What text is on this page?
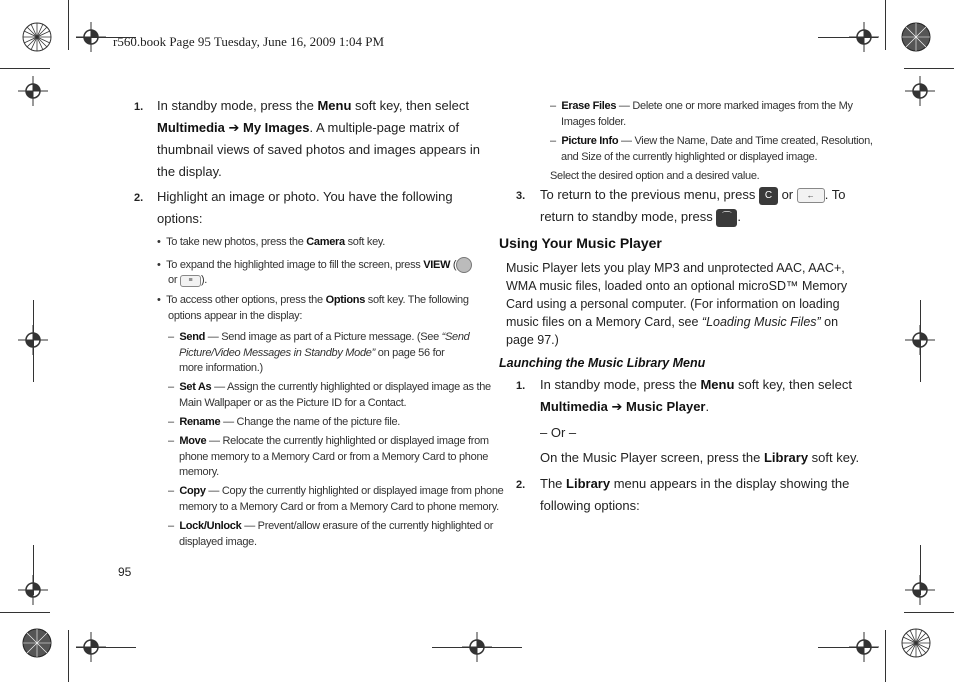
r560.book Page 95 Tuesday, June 16, 2009 1:04 PM
1. In standby mode, press the Menu soft key, then select
Multimedia ➔ My Images. A multiple-page matrix of
thumbnail views of saved photos and images appears in
the display.
2. Highlight an image or photo. You have the following
options:
•  To take new photos, press the Camera soft key.
•  To expand the highlighted image to fill the screen, press VIEW (
or ≡ ).
•  To access other options, press the Options soft key. The following
options appear in the display:
–  Send — Send image as part of a Picture message. (See “Send
Picture/Video Messages in Standby Mode” on page 56 for
more information.)
–  Set As — Assign the currently highlighted or displayed image as the
Main Wallpaper or as the Picture ID for a Contact.
–  Rename — Change the name of the picture file.
–  Move — Relocate the currently highlighted or displayed image from
phone memory to a Memory Card or from a Memory Card to phone
memory.
–  Copy — Copy the currently highlighted or displayed image from phone
memory to a Memory Card or from a Memory Card to phone memory.
–  Lock/Unlock — Prevent/allow erasure of the currently highlighted or
displayed image.
–  Erase Files — Delete one or more marked images from the My
Images folder.
–  Picture Info — View the Name, Date and Time created, Resolution,
and Size of the currently highlighted or displayed image.
Select the desired option and a desired value.
3. To return to the previous menu, press C or ← . To
return to standby mode, press ⌒ .
Using Your Music Player
Music Player lets you play MP3 and unprotected AAC, AAC+,
WMA music files, loaded onto an optional microSD™ Memory
Card using a personal computer. (For information on loading
music files on a Memory Card, see “Loading Music Files” on
page 97.)
Launching the Music Library Menu
1. In standby mode, press the Menu soft key, then select
Multimedia ➔ Music Player.
– Or –
On the Music Player screen, press the Library soft key.
2. The Library menu appears in the display showing the
following options:
95
